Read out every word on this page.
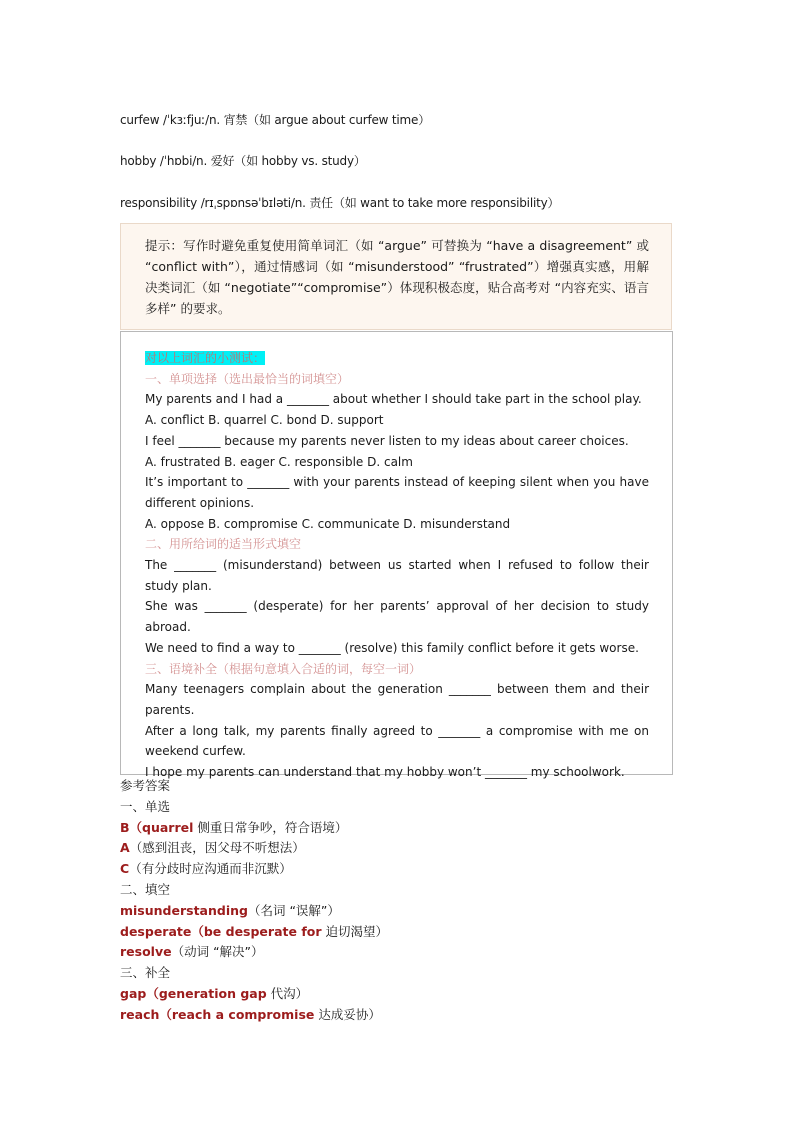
curfew /ˈkɜːfjuː/n. 宵禁（如 argue about curfew time）
hobby /ˈhɒbi/n. 爱好（如 hobby vs. study）
responsibility /rɪˌspɒnsəˈbɪləti/n. 责任（如 want to take more responsibility）
提示：写作时避免重复使用简单词汇（如 “argue” 可替换为 “have a disagreement” 或 “conflict with”），通过情感词（如 “misunderstood” “frustrated”）增强真实感，用解决类词汇（如 “negotiate”“compromise”）体现积极态度，贴合高考对 “内容充实、语言多样” 的要求。

对以上词汇的小测试：

一、单项选择（选出最恰当的词填空）

My parents and I had a _______ about whether I should take part in the school play.

A. conflict B. quarrel C. bond D. support

I feel _______ because my parents never listen to my ideas about career choices.

A. frustrated B. eager C. responsible D. calm

It’s important to _______ with your parents instead of keeping silent when you have different opinions.

A. oppose B. compromise C. communicate D. misunderstand

二、用所给词的适当形式填空

The _______ (misunderstand) between us started when I refused to follow their study plan.

She was _______ (desperate) for her parents’ approval of her decision to study abroad.

We need to find a way to _______ (resolve) this family conflict before it gets worse.

三、语境补全（根据句意填入合适的词，每空一词）

Many teenagers complain about the generation _______ between them and their parents.

After a long talk, my parents finally agreed to _______ a compromise with me on weekend curfew.

I hope my parents can understand that my hobby won’t _______ my schoolwork.

参考答案

一、单选

B（quarrel 侧重日常争吵，符合语境）

A（感到沮丧，因父母不听想法）

C（有分歧时应沟通而非沉默）

二、填空

misunderstanding（名词 “误解”）

desperate（be desperate for 迫切渴望）

resolve（动词 “解决”）

三、补全

gap（generation gap 代沟）

reach（reach a compromise 达成妥协）
